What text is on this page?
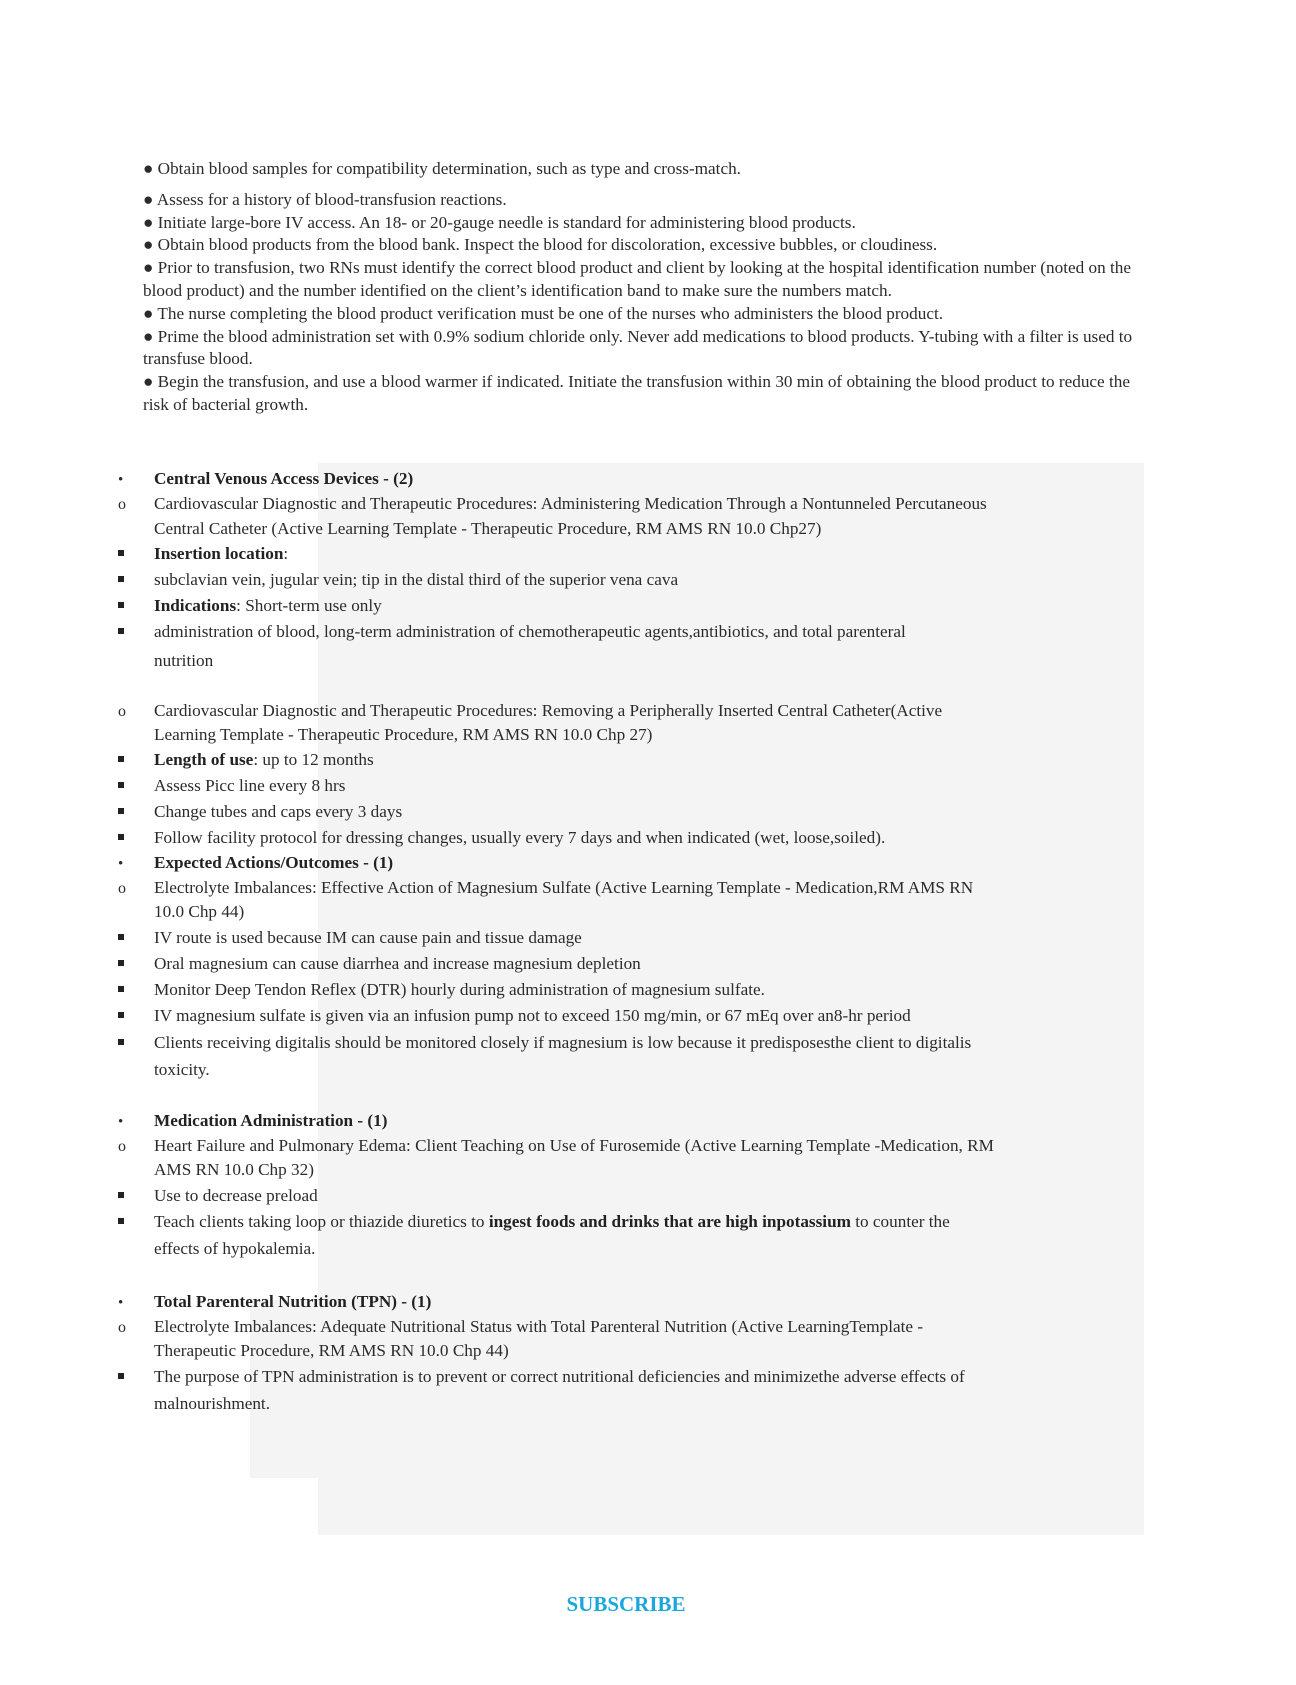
● Obtain blood samples for compatibility determination, such as type and cross-match.

● Assess for a history of blood-transfusion reactions.

● Initiate large-bore IV access. An 18- or 20-gauge needle is standard for administering blood products.

● Obtain blood products from the blood bank. Inspect the blood for discoloration, excessive bubbles, or cloudiness.

● Prior to transfusion, two RNs must identify the correct blood product and client by looking at the hospital identification number (noted on the blood product) and the number identified on the client’s identification band to make sure the numbers match.

● The nurse completing the blood product verification must be one of the nurses who administers the blood product.

● Prime the blood administration set with 0.9% sodium chloride only. Never add medications to blood products. Y-tubing with a filter is used to transfuse blood.

● Begin the transfusion, and use a blood warmer if indicated. Initiate the transfusion within 30 min of obtaining the blood product to reduce the risk of bacterial growth.

•
Central Venous Access Devices - (2)
o
Cardiovascular Diagnostic and Therapeutic Procedures: Administering Medication Through a Nontunneled Percutaneous
Central Catheter (Active Learning Template - Therapeutic Procedure, RM AMS RN 10.0 Chp27)
Insertion location:
subclavian vein, jugular vein; tip in the distal third of the superior vena cava
Indications: Short-term use only
administration of blood, long-term administration of chemotherapeutic agents,antibiotics, and total parenteral
nutrition
o
Cardiovascular Diagnostic and Therapeutic Procedures: Removing a Peripherally Inserted Central Catheter(Active
Learning Template - Therapeutic Procedure, RM AMS RN 10.0 Chp 27)
Length of use: up to 12 months
Assess Picc line every 8 hrs
Change tubes and caps every 3 days
Follow facility protocol for dressing changes, usually every 7 days and when indicated (wet, loose,soiled).
•
Expected Actions/Outcomes - (1)
o
Electrolyte Imbalances: Effective Action of Magnesium Sulfate (Active Learning Template - Medication,RM AMS RN
10.0 Chp 44)
IV route is used because IM can cause pain and tissue damage
Oral magnesium can cause diarrhea and increase magnesium depletion
Monitor Deep Tendon Reflex (DTR) hourly during administration of magnesium sulfate.
IV magnesium sulfate is given via an infusion pump not to exceed 150 mg/min, or 67 mEq over an8-hr period
Clients receiving digitalis should be monitored closely if magnesium is low because it predisposesthe client to digitalis
toxicity.
•
Medication Administration - (1)
o
Heart Failure and Pulmonary Edema: Client Teaching on Use of Furosemide (Active Learning Template -Medication, RM
AMS RN 10.0 Chp 32)
Use to decrease preload
Teach clients taking loop or thiazide diuretics to ingest foods and drinks that are high inpotassium to counter the
effects of hypokalemia.
•
Total Parenteral Nutrition (TPN) - (1)
o
Electrolyte Imbalances: Adequate Nutritional Status with Total Parenteral Nutrition (Active LearningTemplate -
Therapeutic Procedure, RM AMS RN 10.0 Chp 44)
The purpose of TPN administration is to prevent or correct nutritional deficiencies and minimizethe adverse effects of
malnourishment.
SUBSCRIBE
